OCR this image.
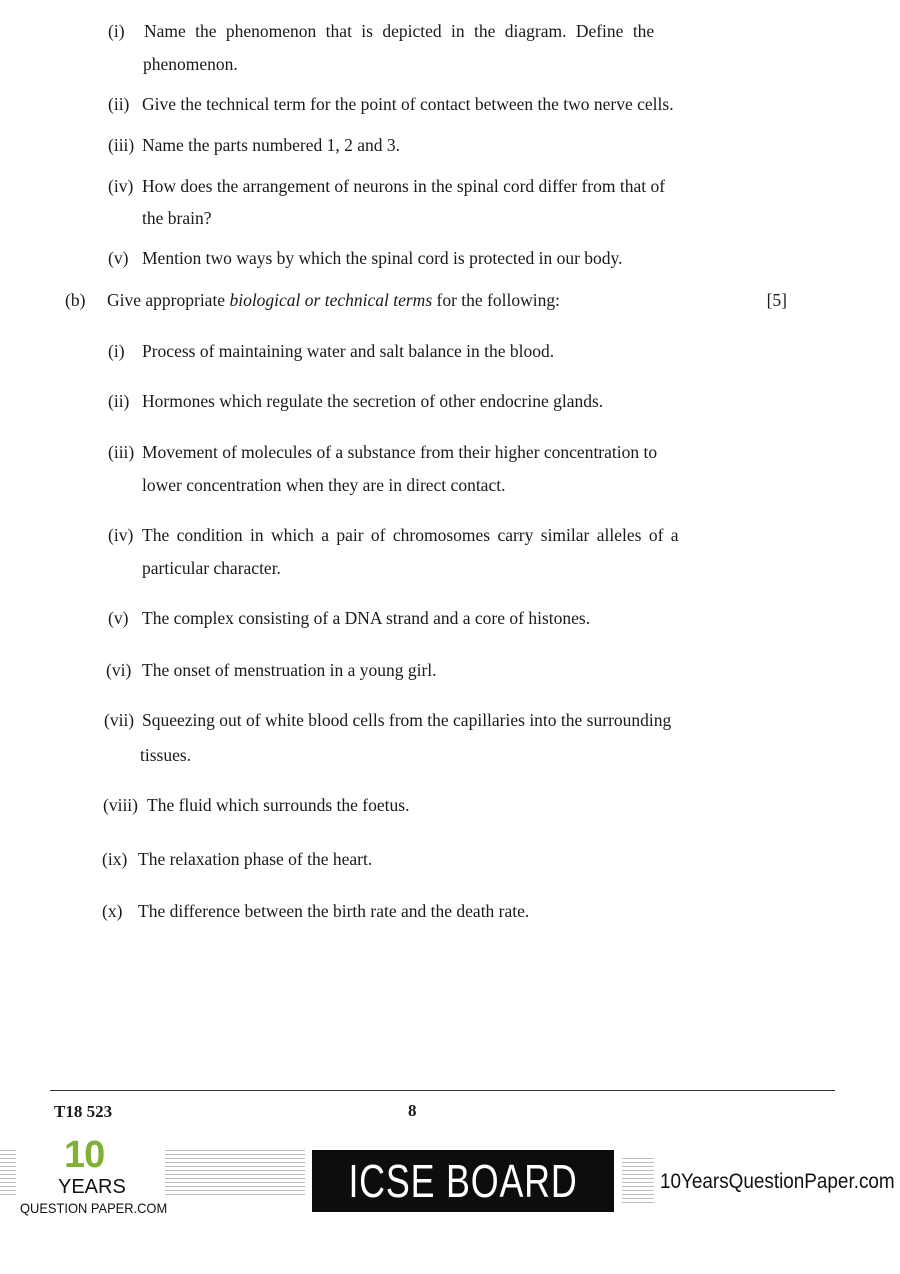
(i) Name the phenomenon that is depicted in the diagram. Define the
phenomenon.
(ii) Give the technical term for the point of contact between the two nerve cells.
(iii) Name the parts numbered 1, 2 and 3.
(iv) How does the arrangement of neurons in the spinal cord differ from that of
the brain?
(v) Mention two ways by which the spinal cord is protected in our body.
(b) Give appropriate biological or technical terms for the following:	[5]
(i) Process of maintaining water and salt balance in the blood.
(ii) Hormones which regulate the secretion of other endocrine glands.
(iii) Movement of molecules of a substance from their higher concentration to
lower concentration when they are in direct contact.
(iv) The condition in which a pair of chromosomes carry similar alleles of a
particular character.
(v) The complex consisting of a DNA strand and a core of histones.
(vi) The onset of menstruation in a young girl.
(vii) Squeezing out of white blood cells from the capillaries into the surrounding
tissues.
(viii) The fluid which surrounds the foetus.
(ix) The relaxation phase of the heart.
(x) The difference between the birth rate and the death rate.
T18 523	8
10
YEARS
QUESTION PAPER.COM
ICSE BOARD X
10YearsQuestionPaper.com
